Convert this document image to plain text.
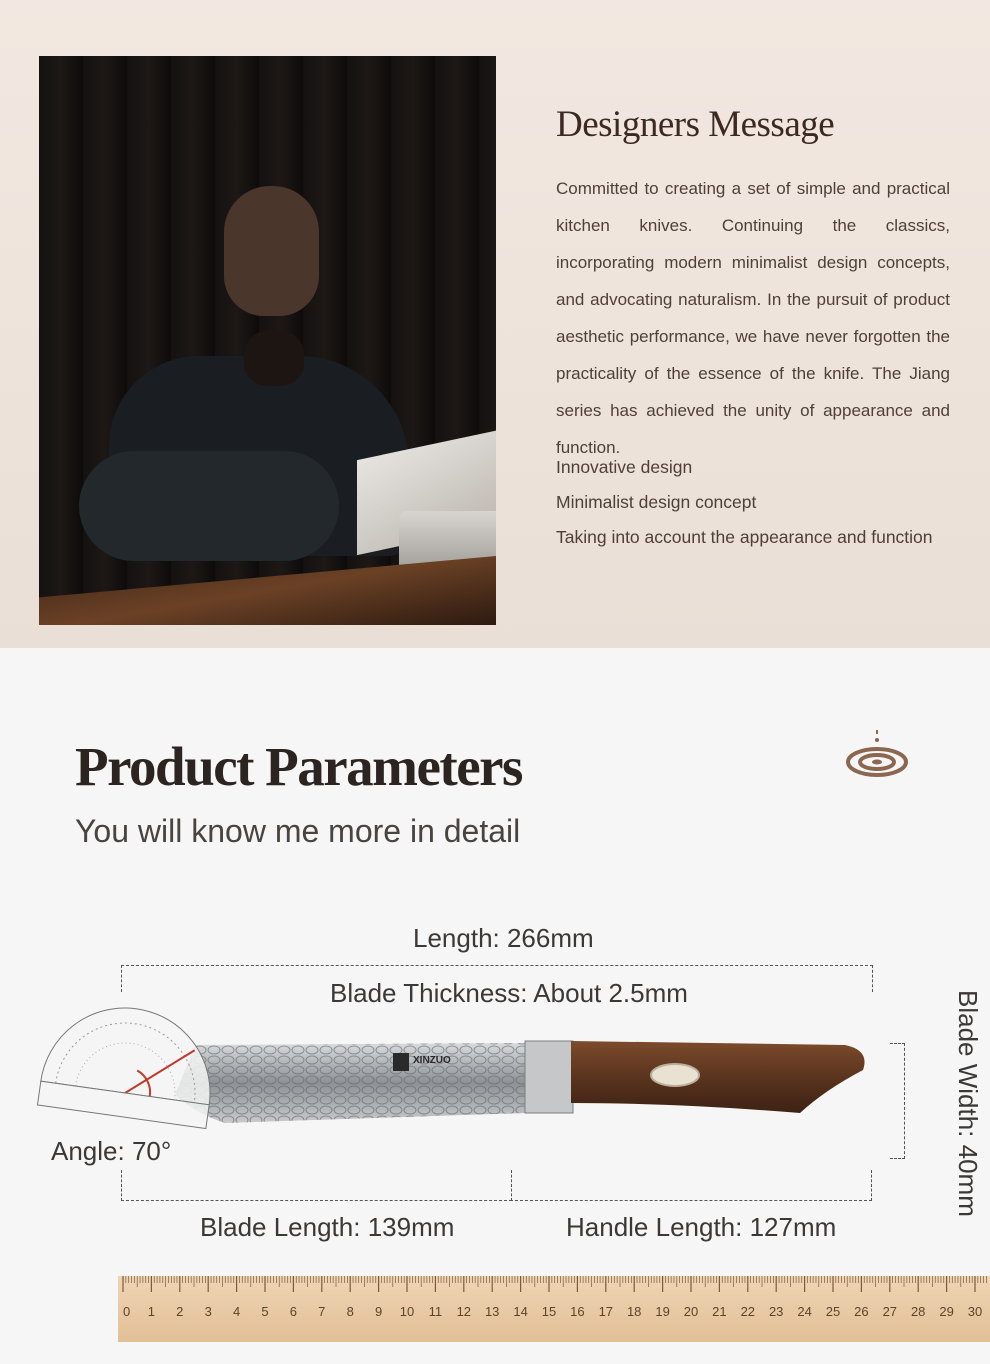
Designers Message

Committed to creating a set of simple and practical kitchen knives. Continuing the classics, incorporating modern minimalist design concepts, and advocating naturalism. In the pursuit of product aesthetic performance, we have never forgotten the practicality of the essence of the knife. The Jiang series has achieved the unity of appearance and function.

Innovative design
Minimalist design concept
Taking into account the appearance and function
Product Parameters
You will know me more in detail
XINZUO
Length: 266mm
Blade Thickness: About 2.5mm
Angle: 70°
Blade Length: 139mm	Handle Length: 127mm
Blade Width: 40mm
0 1 2 3 4 5 6 7 8 9 10 11 12 13 14 15 16 17 18 19 20 21 22 23 24 25 26 27 28 29 30
